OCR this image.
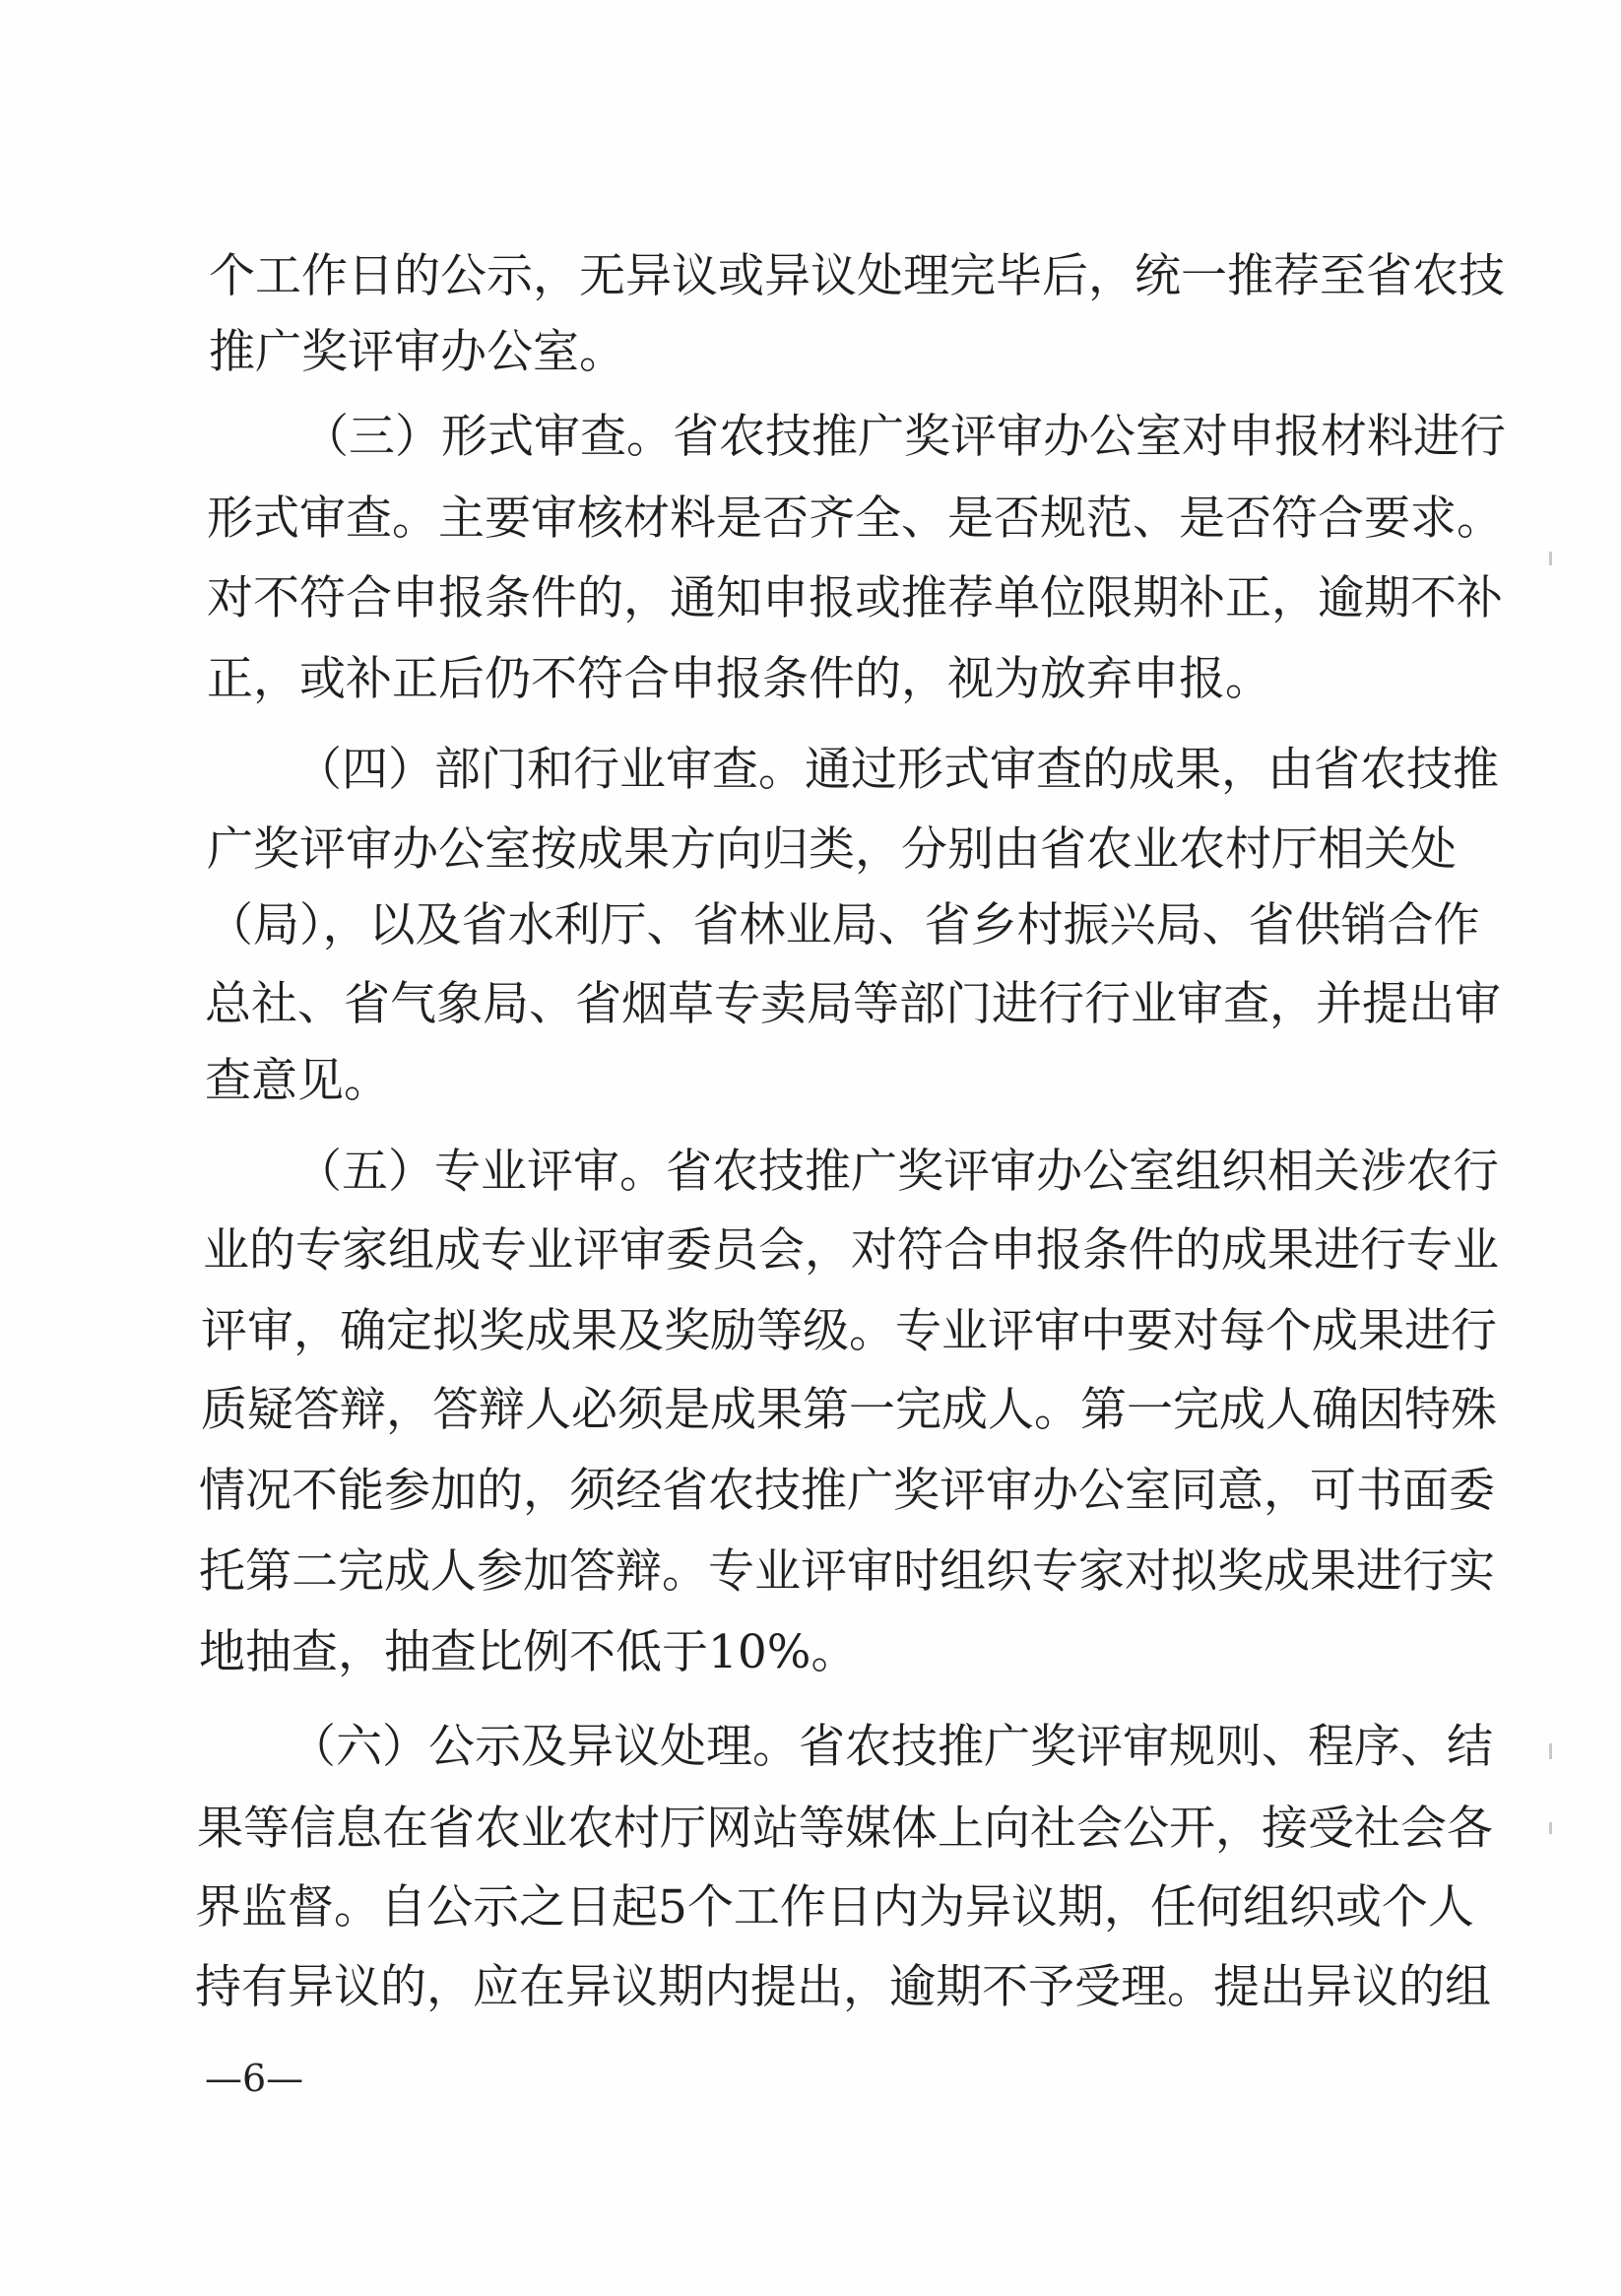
个工作日的公示，无异议或异议处理完毕后，统一推荐至省农技

推广奖评审办公室。

（三）形式审查。省农技推广奖评审办公室对申报材料进行

形式审查。主要审核材料是否齐全、是否规范、是否符合要求。

对不符合申报条件的，通知申报或推荐单位限期补正，逾期不补

正，或补正后仍不符合申报条件的，视为放弃申报。

（四）部门和行业审查。通过形式审查的成果，由省农技推

广奖评审办公室按成果方向归类，分别由省农业农村厅相关处

（局），以及省水利厅、省林业局、省乡村振兴局、省供销合作

总社、省气象局、省烟草专卖局等部门进行行业审查，并提出审

查意见。

（五）专业评审。省农技推广奖评审办公室组织相关涉农行

业的专家组成专业评审委员会，对符合申报条件的成果进行专业

评审，确定拟奖成果及奖励等级。专业评审中要对每个成果进行

质疑答辩，答辩人必须是成果第一完成人。第一完成人确因特殊

情况不能参加的，须经省农技推广奖评审办公室同意，可书面委

托第二完成人参加答辩。专业评审时组织专家对拟奖成果进行实

地抽查，抽查比例不低于10%。

（六）公示及异议处理。省农技推广奖评审规则、程序、结

果等信息在省农业农村厅网站等媒体上向社会公开，接受社会各

界监督。自公示之日起5个工作日内为异议期，任何组织或个人

持有异议的，应在异议期内提出，逾期不予受理。提出异议的组

—6—
